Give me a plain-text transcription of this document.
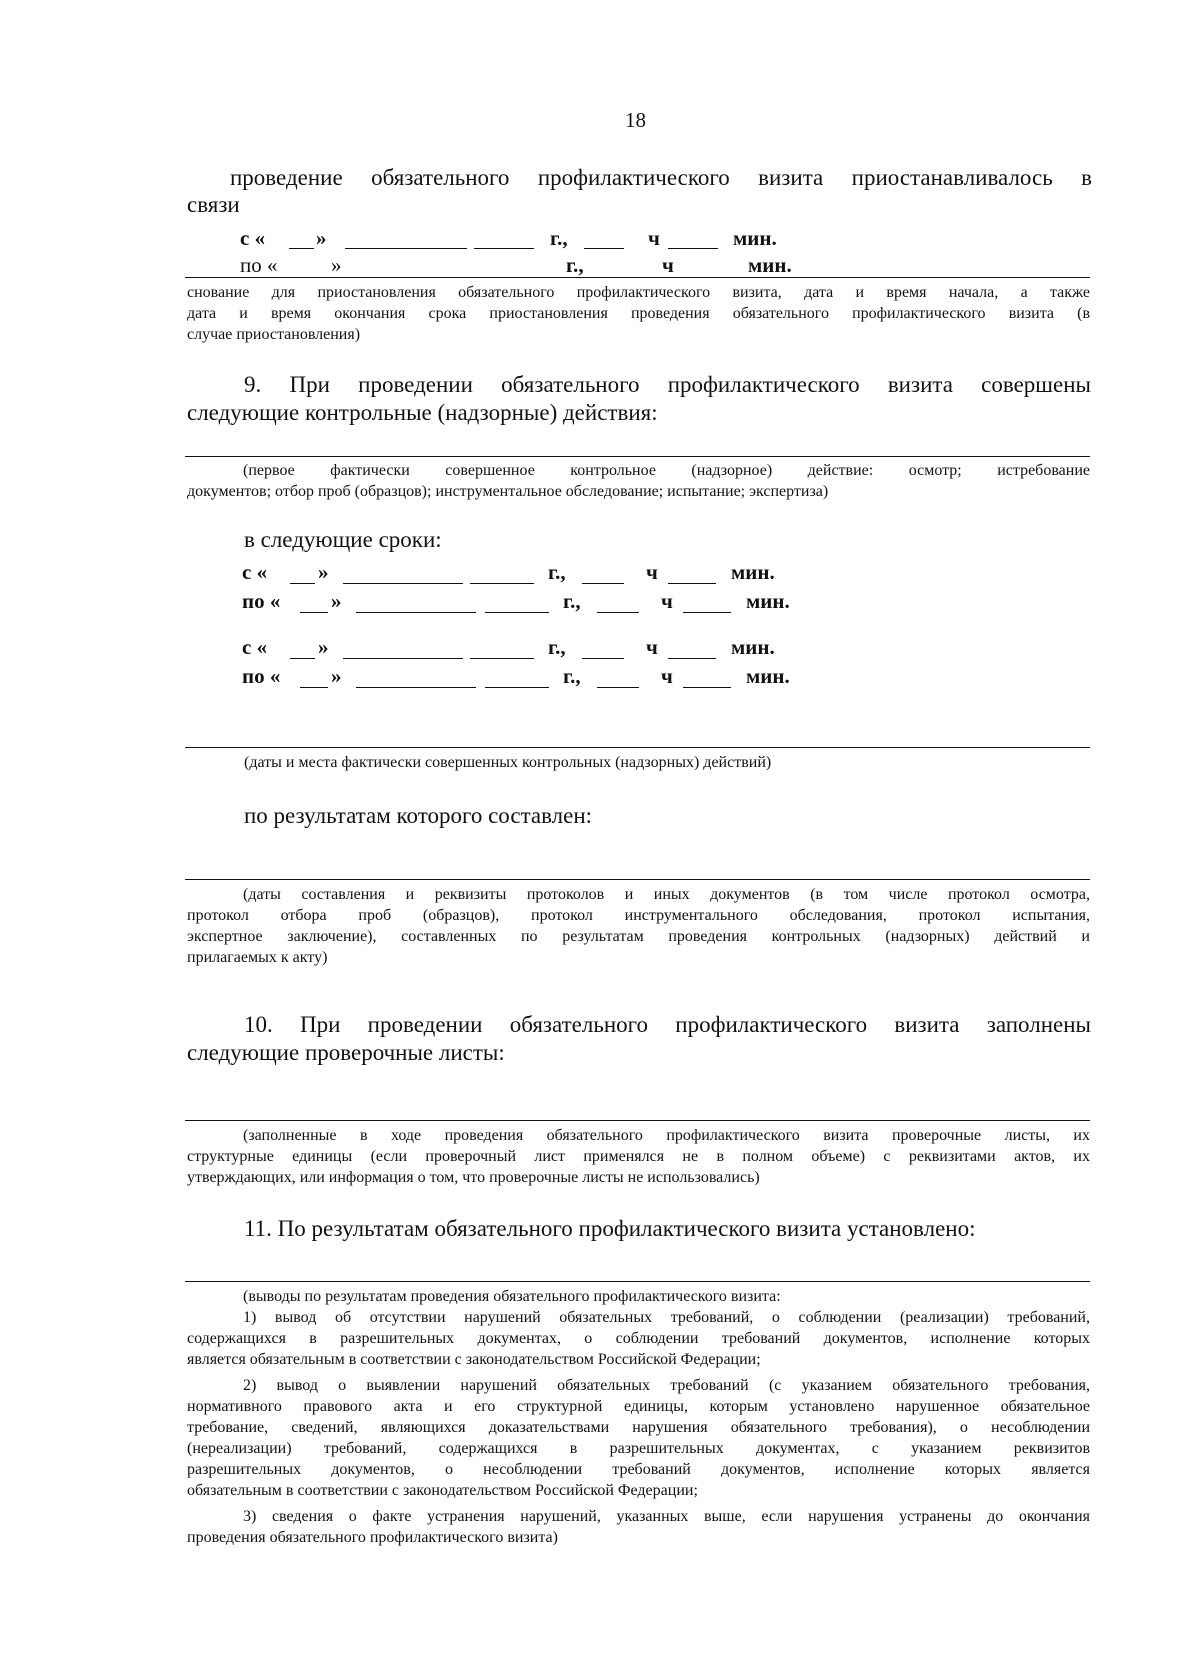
18
проведение обязательного профилактического визита приостанавливалось в
связи
с « »	г.,	ч	мин.
по «	»	г.,	ч	мин.
снование для приостановления обязательного профилактического визита, дата и время начала, а также
дата и время окончания срока приостановления проведения обязательного профилактического визита (в
случае приостановления)
9. При проведении обязательного профилактического визита совершены
следующие контрольные (надзорные) действия:
(первое фактически совершенное контрольное (надзорное) действие: осмотр; истребование
документов; отбор проб (образцов); инструментальное обследование; испытание; экспертиза)
в следующие сроки:
с « »	г.,	ч	мин.
по « »	г.,	ч	мин.
с « »	г.,	ч	мин.
по « »	г.,	ч	мин.
(даты и места фактически совершенных контрольных (надзорных) действий)
по результатам которого составлен:
(даты составления и реквизиты протоколов и иных документов (в том числе протокол осмотра,
протокол отбора проб (образцов), протокол инструментального обследования, протокол испытания,
экспертное заключение), составленных по результатам проведения контрольных (надзорных) действий и
прилагаемых к акту)
10. При проведении обязательного профилактического визита заполнены
следующие проверочные листы:
(заполненные в ходе проведения обязательного профилактического визита проверочные листы, их
структурные единицы (если проверочный лист применялся не в полном объеме) с реквизитами актов, их
утверждающих, или информация о том, что проверочные листы не использовались)
11. По результатам обязательного профилактического визита установлено:
(выводы по результатам проведения обязательного профилактического визита:
1) вывод об отсутствии нарушений обязательных требований, о соблюдении (реализации) требований,
содержащихся в разрешительных документах, о соблюдении требований документов, исполнение которых
является обязательным в соответствии с законодательством Российской Федерации;
2) вывод о выявлении нарушений обязательных требований (с указанием обязательного требования,
нормативного правового акта и его структурной единицы, которым установлено нарушенное обязательное
требование, сведений, являющихся доказательствами нарушения обязательного требования), о несоблюдении
(нереализации) требований, содержащихся в разрешительных документах, с указанием реквизитов
разрешительных документов, о несоблюдении требований документов, исполнение которых является
обязательным в соответствии с законодательством Российской Федерации;
3) сведения о факте устранения нарушений, указанных выше, если нарушения устранены до окончания
проведения обязательного профилактического визита)
